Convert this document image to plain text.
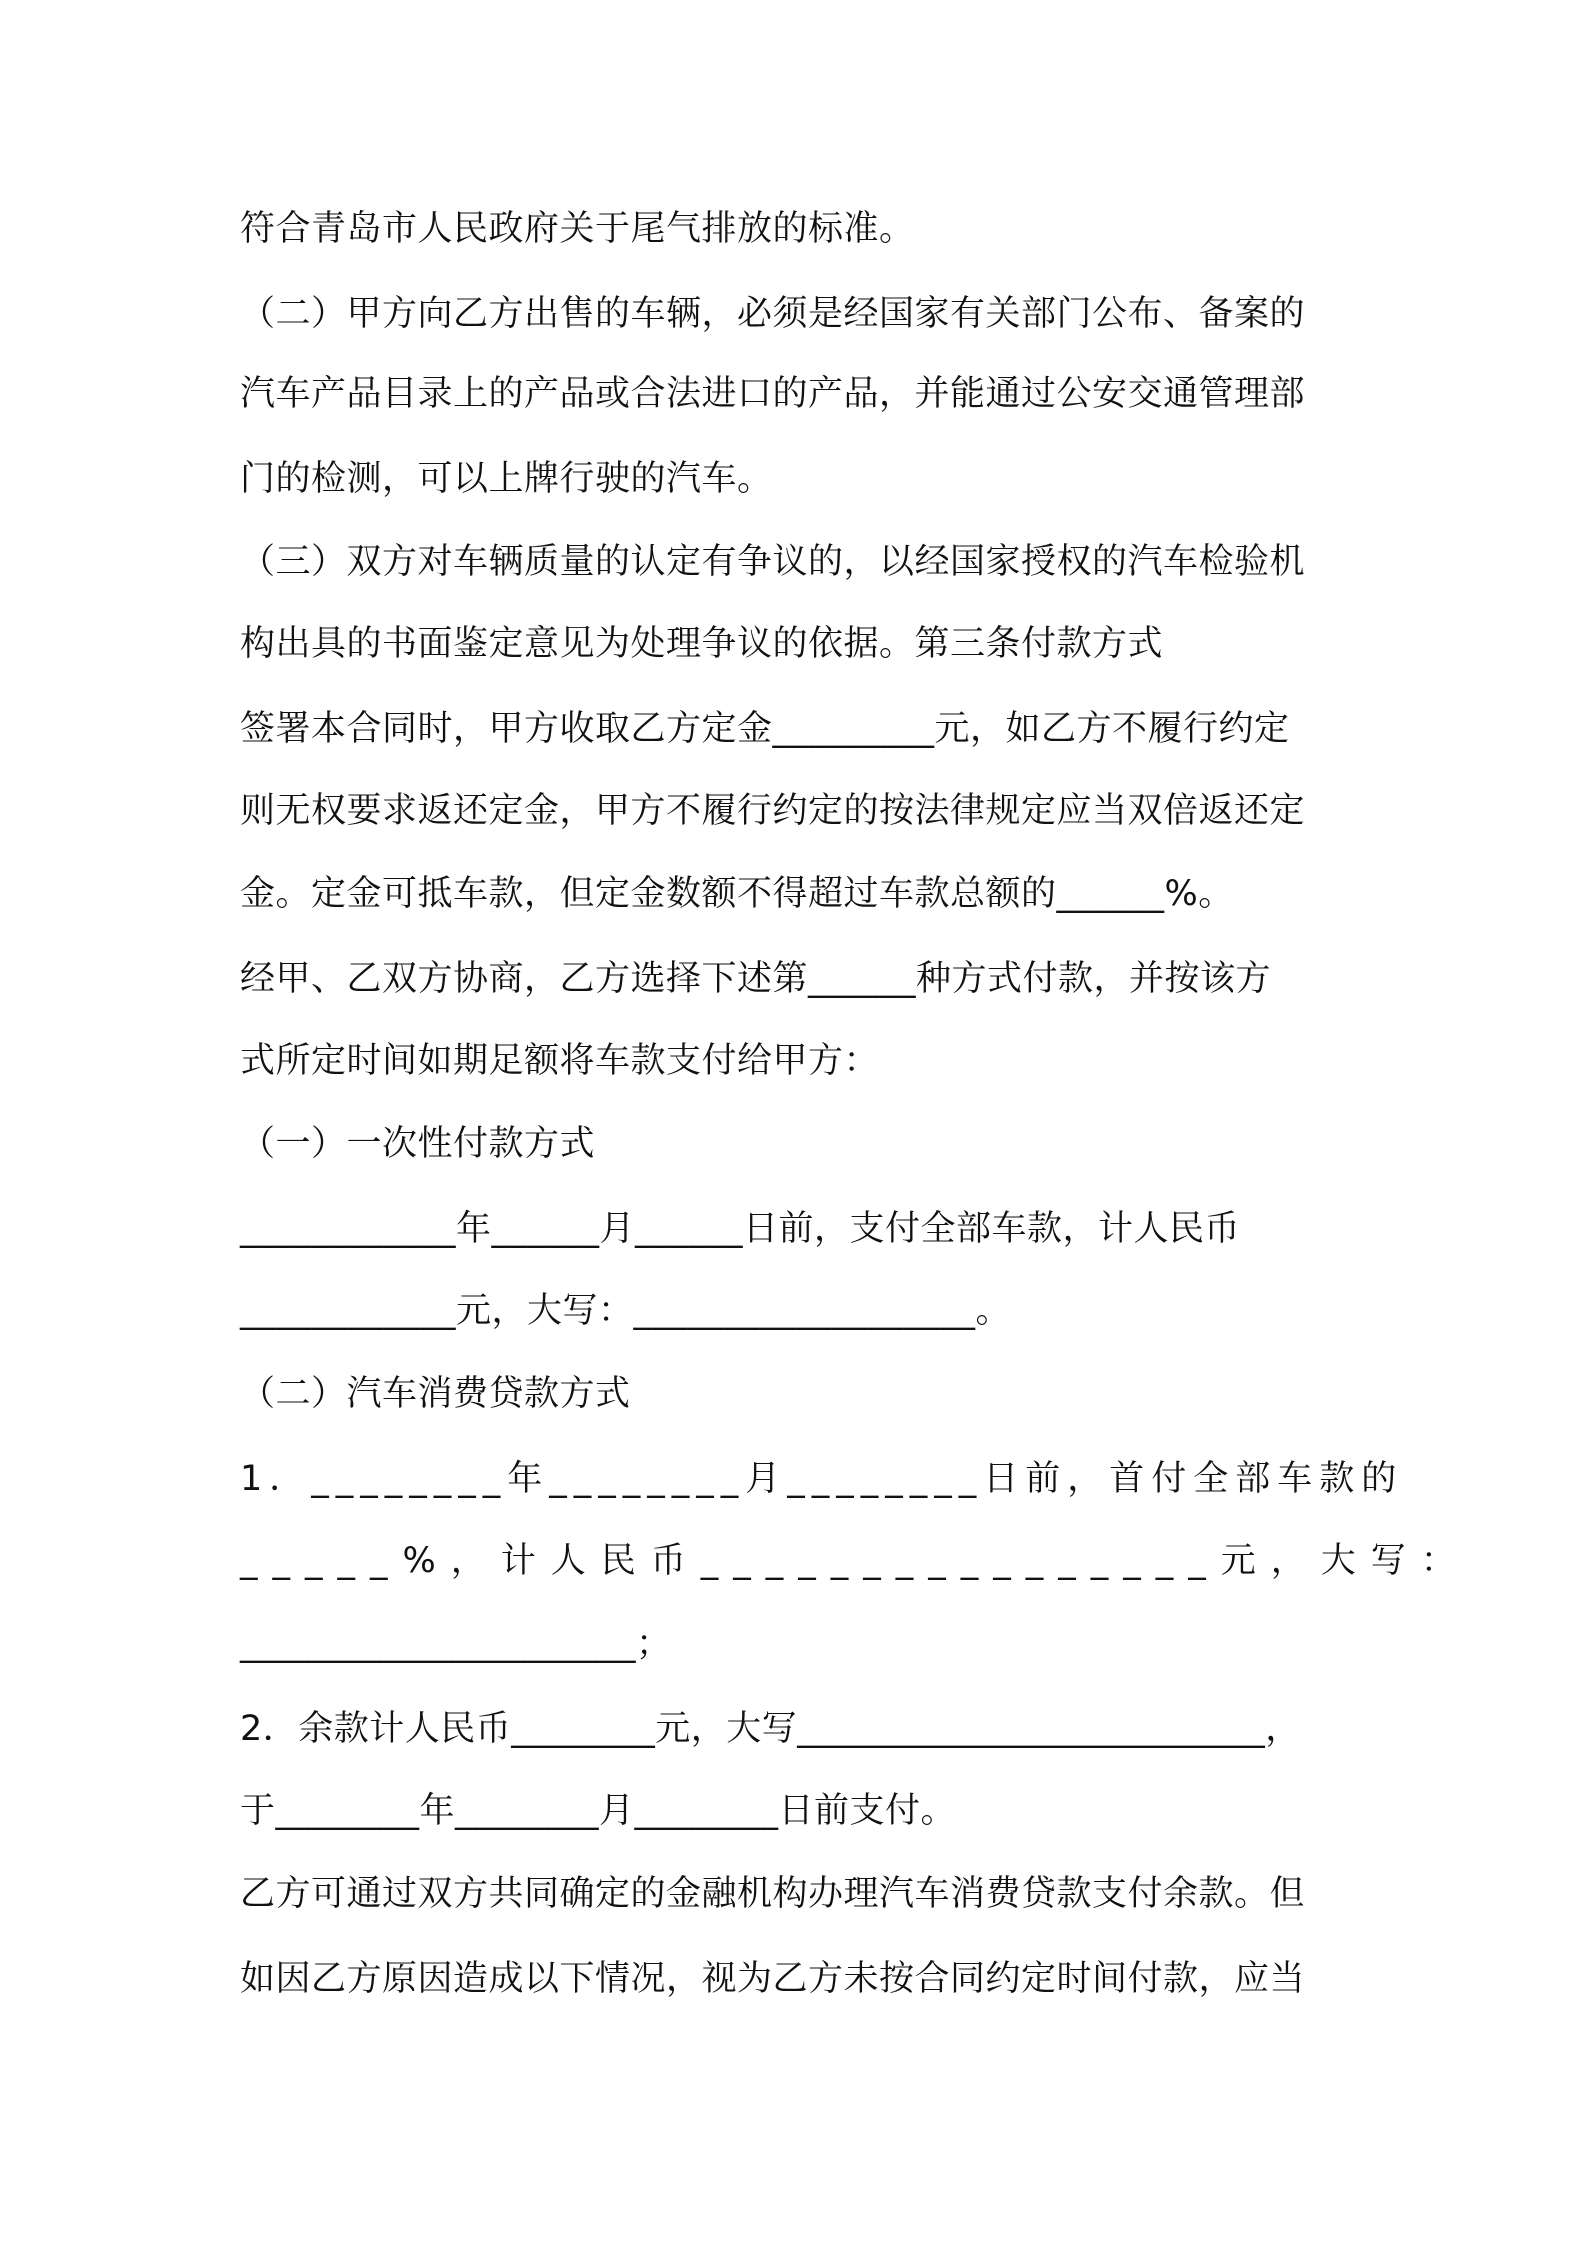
符合青岛市人民政府关于尾气排放的标准。
（二）甲方向乙方出售的车辆，必须是经国家有关部门公布、备案的
汽车产品目录上的产品或合法进口的产品，并能通过公安交通管理部
门的检测，可以上牌行驶的汽车。
（三）双方对车辆质量的认定有争议的，以经国家授权的汽车检验机
构出具的书面鉴定意见为处理争议的依据。第三条付款方式
签署本合同时，甲方收取乙方定金_________元，如乙方不履行约定
则无权要求返还定金，甲方不履行约定的按法律规定应当双倍返还定
金。定金可抵车款，但定金数额不得超过车款总额的______%。
经甲、乙双方协商，乙方选择下述第______种方式付款，并按该方
式所定时间如期足额将车款支付给甲方：
（一）一次性付款方式
____________年______月______日前，支付全部车款，计人民币
____________元，大写：___________________。
（二）汽车消费贷款方式
1．________年________月________日前，首付全部车款的
_____%，计人民币________________元，大写：
______________________；
2．余款计人民币________元，大写__________________________，
于________年________月________日前支付。
乙方可通过双方共同确定的金融机构办理汽车消费贷款支付余款。但
如因乙方原因造成以下情况，视为乙方未按合同约定时间付款，应当
